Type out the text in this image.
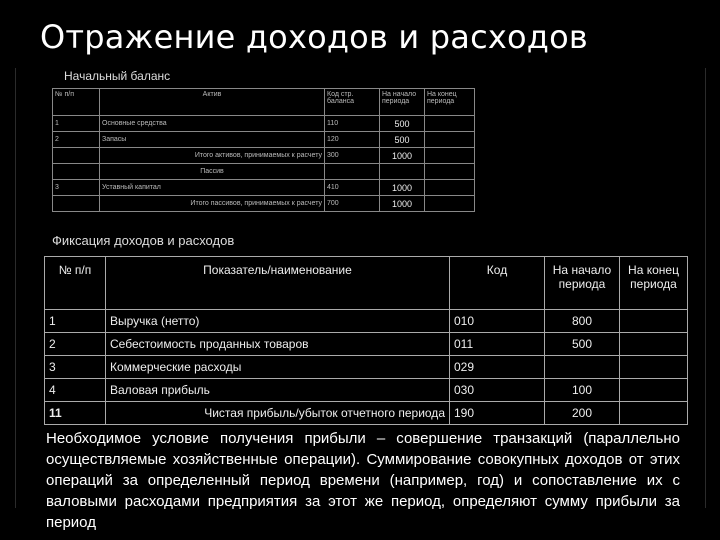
Отражение доходов и расходов
Начальный баланс
№ п/п	Актив	Код стр. баланса	На начало периода	На конец периода
1	Основные средства	110	500	
2	Запасы	120	500	
	Итого активов, принимаемых к расчету	300	1000	
	Пассив			
3	Уставный капитал	410	1000	
	Итого пассивов, принимаемых к расчету	700	1000	
Фиксация доходов и расходов
№ п/п	Показатель/наименование	Код	На начало периода	На конец периода
1	Выручка (нетто)	010	800	
2	Себестоимость проданных товаров	011	500	
3	Коммерческие расходы	029		
4	Валовая прибыль	030	100	
11	Чистая прибыль/убыток отчетного периода	190	200	
Необходимое условие получения прибыли – совершение транзакций (параллельно осуществляемые хозяйственные операции). Суммирование совокупных доходов от этих операций за определенный период времени (например, год) и сопоставление их с валовыми расходами предприятия за этот же период, определяют сумму прибыли за период
